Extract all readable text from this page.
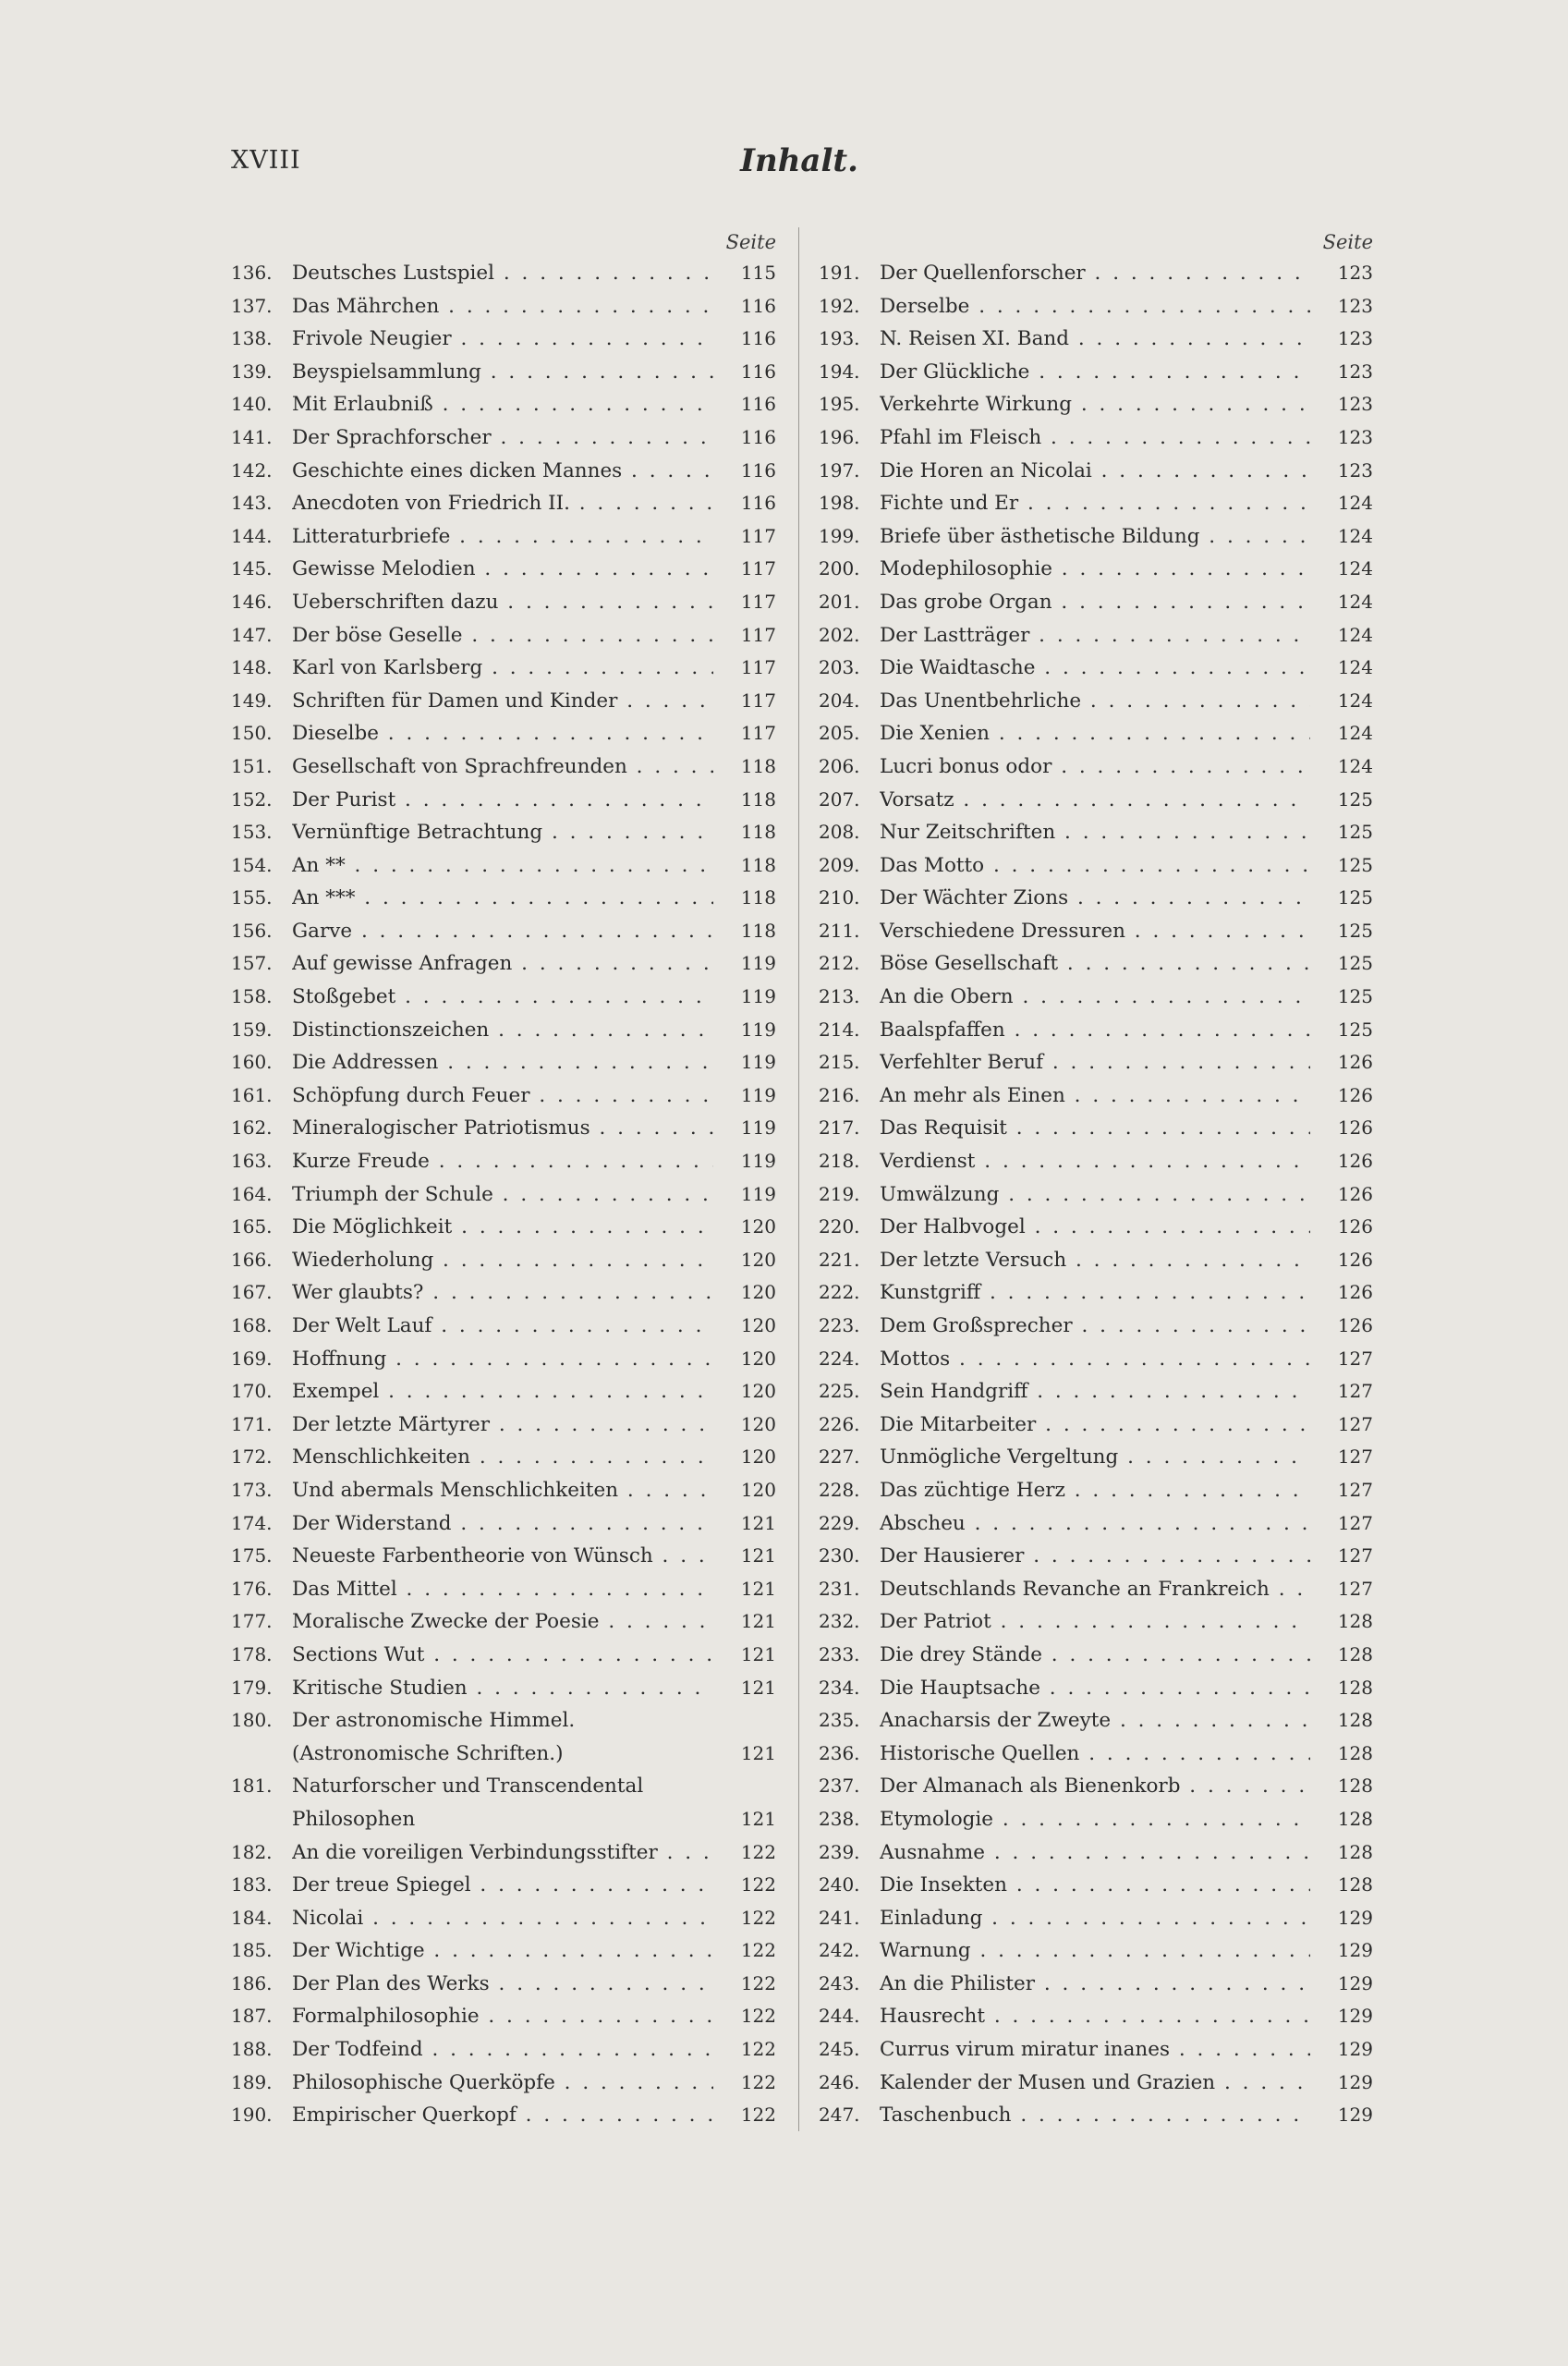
XVIII	Inhalt.
Seite
136. Deutsches Lustspiel . . .	115
137. Das Mährchen . . .	116
138. Frivole Neugier . . .	116
139. Beyspielsammlung . . .	116
140. Mit Erlaubniß . . .	116
141. Der Sprachforscher . . .	116
142. Geschichte eines dicken Mannes . . .	116
143. Anecdoten von Friedrich II. . . .	116
144. Litteraturbriefe . . .	117
145. Gewisse Melodien . . .	117
146. Ueberschriften dazu . . .	117
147. Der böse Geselle . . .	117
148. Karl von Karlsberg . . .	117
149. Schriften für Damen und Kinder . . .	117
150. Dieselbe . . .	117
151. Gesellschaft von Sprachfreunden . . .	118
152. Der Purist . . .	118
153. Vernünftige Betrachtung . . .	118
154. An ** . . .	118
155. An *** . . .	118
156. Garve . . .	118
157. Auf gewisse Anfragen . . .	119
158. Stoßgebet . . .	119
159. Distinctionszeichen . . .	119
160. Die Addressen . . .	119
161. Schöpfung durch Feuer . . .	119
162. Mineralogischer Patriotismus . . .	119
163. Kurze Freude . . .	119
164. Triumph der Schule . . .	119
165. Die Möglichkeit . . .	120
166. Wiederholung . . .	120
167. Wer glaubts? . . .	120
168. Der Welt Lauf . . .	120
169. Hoffnung . . .	120
170. Exempel . . .	120
171. Der letzte Märtyrer . . .	120
172. Menschlichkeiten . . .	120
173. Und abermals Menschlichkeiten . . .	120
174. Der Widerstand . . .	121
175. Neueste Farbentheorie von Wünsch . . .	121
176. Das Mittel . . .	121
177. Moralische Zwecke der Poesie . . .	121
178. Sections Wut . . .	121
179. Kritische Studien . . .	121
180. Der astronomische Himmel. (Astronomische Schriften.)	121
181. Naturforscher und Transcendental Philosophen	121
182. An die voreiligen Verbindungsstifter . . .	122
183. Der treue Spiegel . . .	122
184. Nicolai . . .	122
185. Der Wichtige . . .	122
186. Der Plan des Werks . . .	122
187. Formalphilosophie . . .	122
188. Der Todfeind . . .	122
189. Philosophische Querköpfe . . .	122
190. Empirischer Querkopf . . .	122
Seite
191. Der Quellenforscher . . .	123
192. Derselbe . . .	123
193. N. Reisen XI. Band . . .	123
194. Der Glückliche . . .	123
195. Verkehrte Wirkung . . .	123
196. Pfahl im Fleisch . . .	123
197. Die Horen an Nicolai . . .	123
198. Fichte und Er . . .	124
199. Briefe über ästhetische Bildung . . .	124
200. Modephilosophie . . .	124
201. Das grobe Organ . . .	124
202. Der Lastträger . . .	124
203. Die Waidtasche . . .	124
204. Das Unentbehrliche . . .	124
205. Die Xenien . . .	124
206. Lucri bonus odor . . .	124
207. Vorsatz . . .	125
208. Nur Zeitschriften . . .	125
209. Das Motto . . .	125
210. Der Wächter Zions . . .	125
211. Verschiedene Dressuren . . .	125
212. Böse Gesellschaft . . .	125
213. An die Obern . . .	125
214. Baalspfaffen . . .	125
215. Verfehlter Beruf . . .	126
216. An mehr als Einen . . .	126
217. Das Requisit . . .	126
218. Verdienst . . .	126
219. Umwälzung . . .	126
220. Der Halbvogel . . .	126
221. Der letzte Versuch . . .	126
222. Kunstgriff . . .	126
223. Dem Großsprecher . . .	126
224. Mottos . . .	127
225. Sein Handgriff . . .	127
226. Die Mitarbeiter . . .	127
227. Unmögliche Vergeltung . . .	127
228. Das züchtige Herz . . .	127
229. Abscheu . . .	127
230. Der Hausierer . . .	127
231. Deutschlands Revanche an Frankreich . . .	127
232. Der Patriot . . .	128
233. Die drey Stände . . .	128
234. Die Hauptsache . . .	128
235. Anacharsis der Zweyte . . .	128
236. Historische Quellen . . .	128
237. Der Almanach als Bienenkorb . . .	128
238. Etymologie . . .	128
239. Ausnahme . . .	128
240. Die Insekten . . .	128
241. Einladung . . .	129
242. Warnung . . .	129
243. An die Philister . . .	129
244. Hausrecht . . .	129
245. Currus virum miratur inanes . . .	129
246. Kalender der Musen und Grazien . . .	129
247. Taschenbuch . . .	129
